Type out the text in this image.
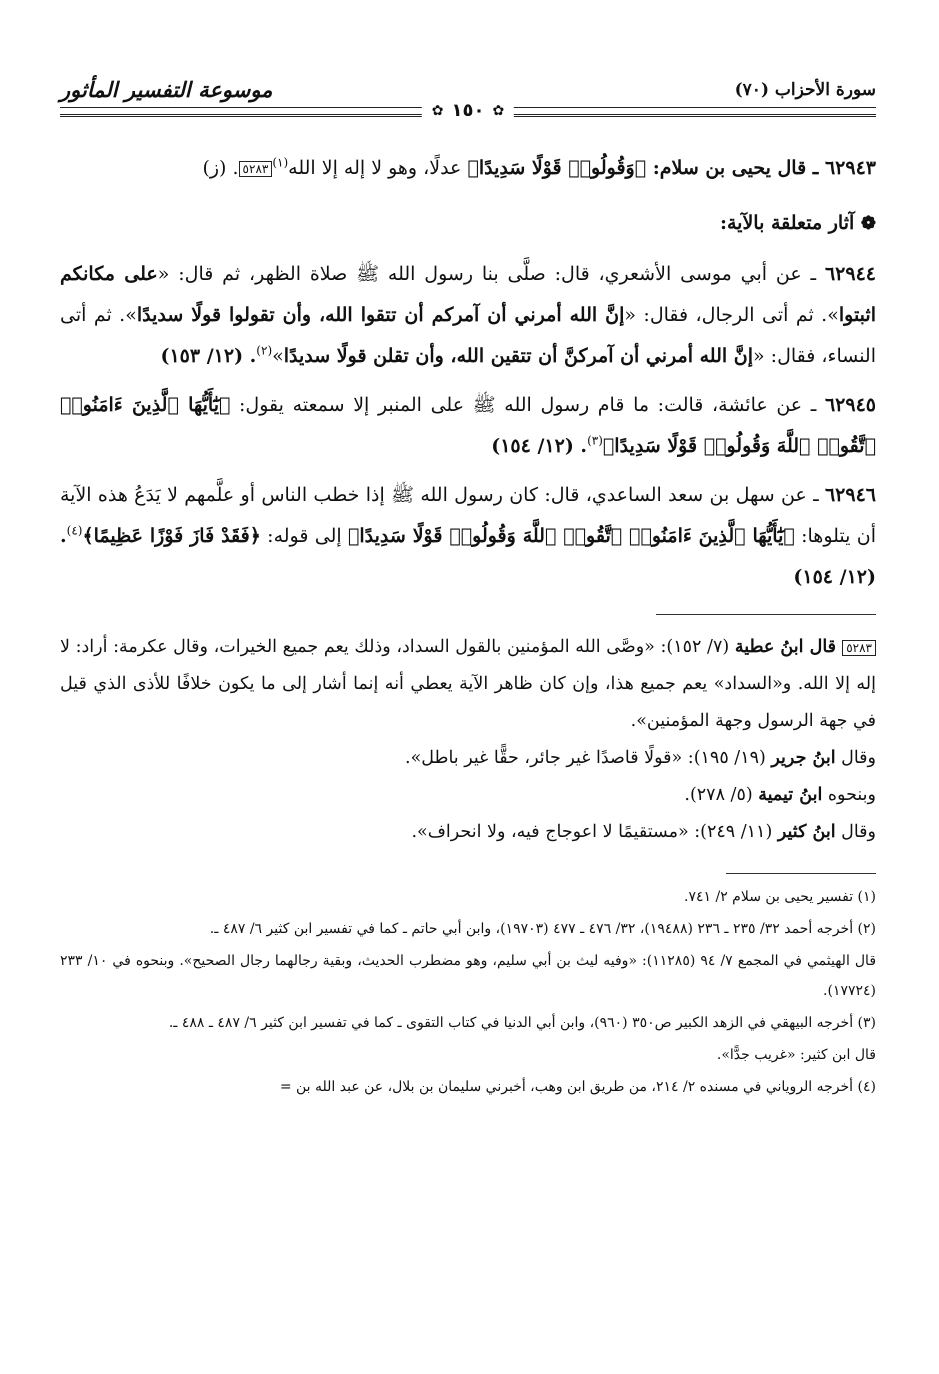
سورة الأحزاب (٧٠)
موسوعة التفسير المأثور
✿
١٥٠
✿

٦٢٩٤٣ ـ قال يحيى بن سلام: ﴿وَقُولُوا۟ قَوْلًا سَدِيدًا﴾ عدلًا، وهو لا إله إلا الله$^{(١)}$٥٢٨٣. (ز)

❁ آثار متعلقة بالآية:

٦٢٩٤٤ ـ عن أبي موسى الأشعري، قال: صلَّى بنا رسول الله ﷺ صلاة الظهر، ثم قال: «على مكانكم اثبتوا». ثم أتى الرجال، فقال: «إنَّ الله أمرني أن آمركم أن تتقوا الله، وأن تقولوا قولًا سديدًا». ثم أتى النساء، فقال: «إنَّ الله أمرني أن آمركنَّ أن تتقين الله، وأن تقلن قولًا سديدًا»$^{(٢)}$. (١٢/ ١٥٣)

٦٢٩٤٥ ـ عن عائشة، قالت: ما قام رسول الله ﷺ على المنبر إلا سمعته يقول: ﴿يَٰٓأَيُّهَا ٱلَّذِينَ ءَامَنُوا۟ ٱتَّقُوا۟ ٱللَّهَ وَقُولُوا۟ قَوْلًا سَدِيدًا﴾$^{(٣)}$. (١٢/ ١٥٤)

٦٢٩٤٦ ـ عن سهل بن سعد الساعدي، قال: كان رسول الله ﷺ إذا خطب الناس أو علَّمهم لا يَدَعُ هذه الآية أن يتلوها: ﴿يَٰٓأَيُّهَا ٱلَّذِينَ ءَامَنُوا۟ ٱتَّقُوا۟ ٱللَّهَ وَقُولُوا۟ قَوْلًا سَدِيدًا﴾ إلى قوله: ﴿فَقَدْ فَازَ فَوْزًا عَظِيمًا﴾$^{(٤)}$. (١٢/ ١٥٤)

٥٢٨٣ قال ابنُ عطية (٧/ ١٥٢): «وصَّى الله المؤمنين بالقول السداد، وذلك يعم جميع الخيرات، وقال عكرمة: أراد: لا إله إلا الله. و«السداد» يعم جميع هذا، وإن كان ظاهر الآية يعطي أنه إنما أشار إلى ما يكون خلافًا للأذى الذي قيل في جهة الرسول وجهة المؤمنين».

وقال ابنُ جرير (١٩/ ١٩٥): «قولًا قاصدًا غير جائر، حقًّا غير باطل».

وبنحوه ابنُ تيمية (٥/ ٢٧٨).

وقال ابنُ كثير (١١/ ٢٤٩): «مستقيمًا لا اعوجاج فيه، ولا انحراف».

(١) تفسير يحيى بن سلام ٢/ ٧٤١.

(٢) أخرجه أحمد ٣٢/ ٢٣٥ ـ ٢٣٦ (١٩٤٨٨)، ٣٢/ ٤٧٦ ـ ٤٧٧ (١٩٧٠٣)، وابن أبي حاتم ـ كما في تفسير ابن كثير ٦/ ٤٨٧ ـ.

قال الهيثمي في المجمع ٧/ ٩٤ (١١٢٨٥): «وفيه ليث بن أبي سليم، وهو مضطرب الحديث، وبقية رجالهما رجال الصحيح». وبنحوه في ١٠/ ٢٣٣ (١٧٧٢٤).

(٣) أخرجه البيهقي في الزهد الكبير ص٣٥٠ (٩٦٠)، وابن أبي الدنيا في كتاب التقوى ـ كما في تفسير ابن كثير ٦/ ٤٨٧ ـ ٤٨٨ ـ.

قال ابن كثير: «غريب جدًّا».

(٤) أخرجه الروياني في مسنده ٢/ ٢١٤، من طريق ابن وهب، أخبرني سليمان بن بلال، عن عبد الله بن =
